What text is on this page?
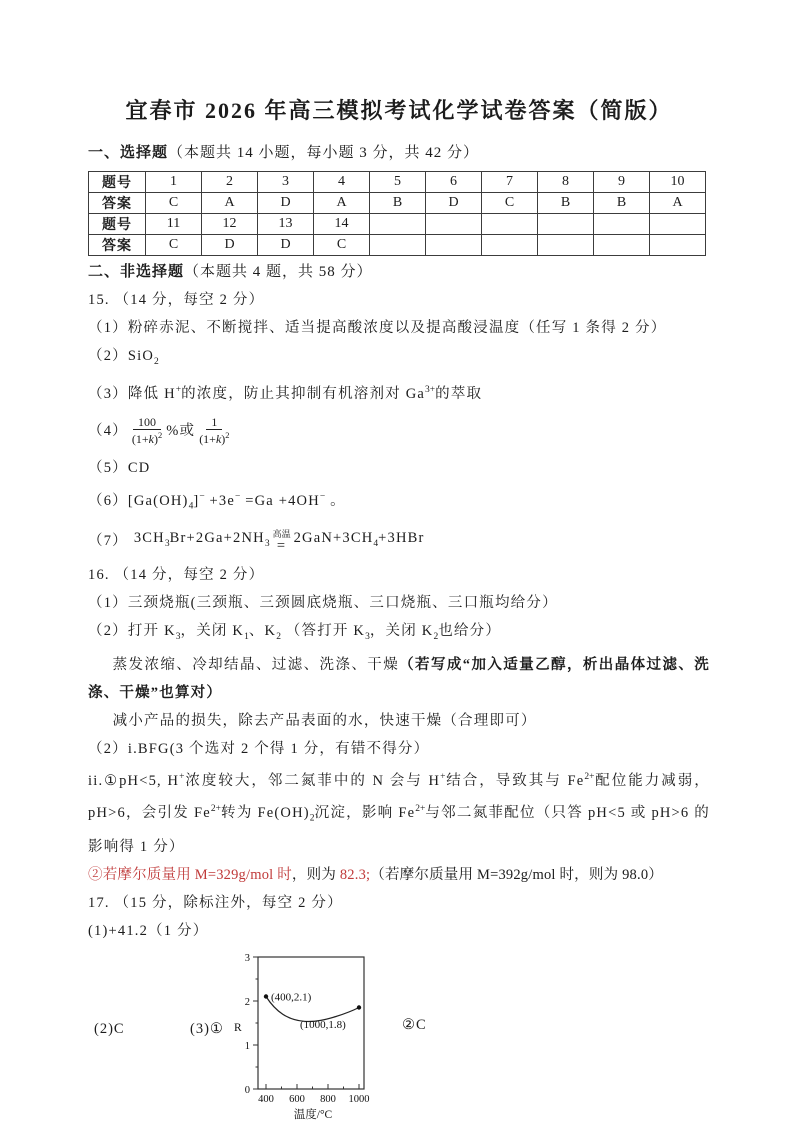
宜春市 2026 年高三模拟考试化学试卷答案（简版）

一、选择题（本题共 14 小题，每小题 3 分，共 42 分）

题号	1	2	3	4	5	6	7	8	9	10
答案	C	A	D	A	B	D	C	B	B	A
题号	11	12	13	14						
答案	C	D	D	C						

二、非选择题（本题共 4 题，共 58 分）

15. （14 分，每空 2 分）

（1）粉碎赤泥、不断搅拌、适当提高酸浓度以及提高酸浸温度（任写 1 条得 2 分）

（2）SiO$_2$

（3）降低 H+的浓度，防止其抑制有机溶剂对 $Ga^{3+}$的萃取

$(4) \frac{100}{(1+k)^2}$ %或 $\frac{1}{(1+k)^2}$

（5）CD

$(6)[Ga(OH)_4]^- +3e^- =Ga +4OH^-$ 。

（7） $3CH_3Br+2Ga+2NH_3$
高温
= $2GaN+3CH_4+3HBr$

16. （14 分，每空 2 分）

（1）三颈烧瓶(三颈瓶、三颈圆底烧瓶、三口烧瓶、三口瓶均给分）

（2）打开 $K_3$，关闭 $K_1$、$K_2$ （答打开 $K_3$，关闭 $K_2$也给分）

蒸发浓缩、冷却结晶、过滤、洗涤、干燥（若写成“加入适量乙醇，析出晶体过滤、洗涤、干燥”也算对）

减小产品的损失，除去产品表面的水，快速干燥（合理即可）

（2）i.BFG(3 个选对 2 个得 1 分，有错不得分）

ii.①pH<5, H+浓度较大，邻二氮菲中的 N 会与 H+结合，导致其与 $Fe^{2+}$配位能力减弱，pH>6，会引发 $Fe^{2+}$转为 $Fe(OH)_2$沉淀，影响 $Fe^{2+}$与邻二氮菲配位（只答 pH<5 或 pH>6 的影响得 1 分）

②若摩尔质量用 M=329g/mol 时，则为 82.3;（若摩尔质量用 M=392g/mol 时，则为 98.0）

17. （15 分，除标注外，每空 2 分）

(1)+41.2（1 分）

(2)C	(3)①	②C
0
1
2
3
R
(400,2.1)
(1000,1.8)
400 600 800 1000
温度/°C
